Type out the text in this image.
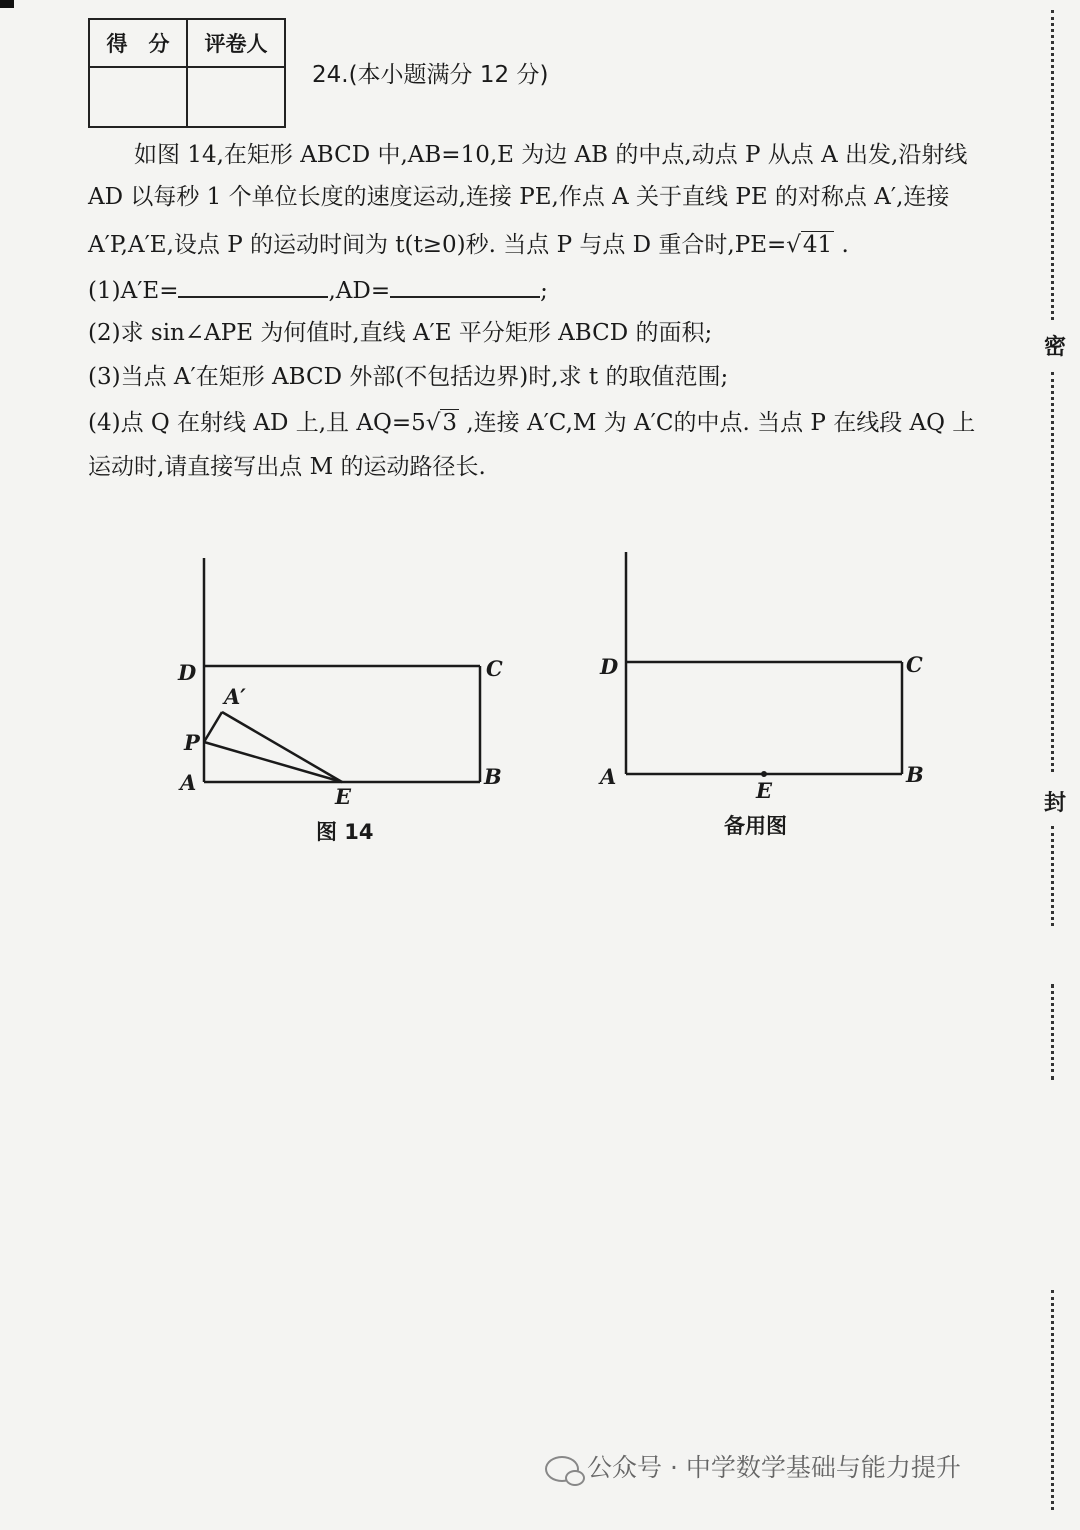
得　分	评卷人

24.(本小题满分 12 分)
如图 14,在矩形 ABCD 中,AB=10,E 为边 AB 的中点,动点 P 从点 A 出发,沿射线
AD 以每秒 1 个单位长度的速度运动,连接 PE,作点 A 关于直线 PE 的对称点 A′,连接
A′P,A′E,设点 P 的运动时间为 t(t≥0)秒. 当点 P 与点 D 重合时,PE=√41 .
(1)A′E=	,AD=	;
(2)求 sin∠APE 为何值时,直线 A′E 平分矩形 ABCD 的面积;
(3)当点 A′在矩形 ABCD 外部(不包括边界)时,求 t 的取值范围;
(4)点 Q 在射线 AD 上,且 AQ=5√3 ,连接 A′C,M 为 A′C的中点. 当点 P 在线段 AQ 上
运动时,请直接写出点 M 的运动路径长.
D	C
A′
P
A
E
B
图 14
D	C
A
E
B
备用图
密
封
公众号 · 中学数学基础与能力提升
